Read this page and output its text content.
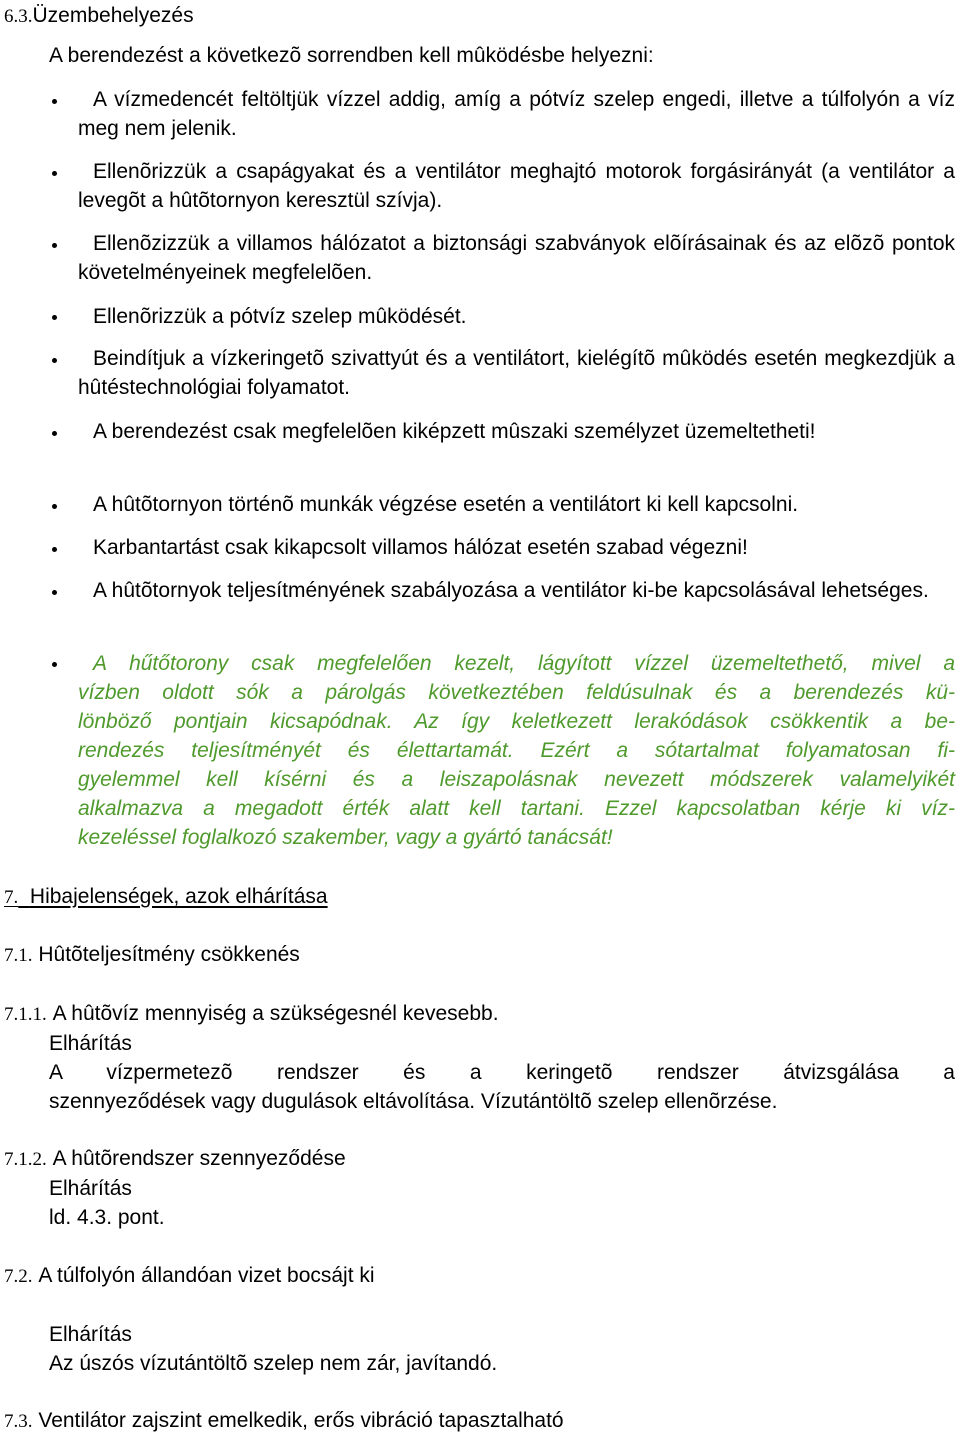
6.3.Üzembehelyezés
A berendezést a következõ sorrendben kell mûködésbe helyezni:
A vízmedencét feltöltjük vízzel addig, amíg a pótvíz szelep engedi, illetve a túlfolyón a víz meg nem jelenik.
Ellenõrizzük a csapágyakat és a ventilátor meghajtó motorok forgásirányát (a ventilátor a levegõt a hûtõtornyon keresztül szívja).
Ellenõzizzük a villamos hálózatot a biztonsági szabványok elõírásainak és az elõzõ pontok követelményeinek megfelelõen.
Ellenõrizzük a pótvíz szelep mûködését.
Beindítjuk a vízkeringetõ szivattyút és a ventilátort, kielégítõ mûködés esetén megkezdjük a hûtéstechnológiai folyamatot.
A berendezést csak megfelelõen kiképzett mûszaki személyzet üzemeltetheti!
A hûtõtornyon történõ munkák végzése esetén a ventilátort ki kell kapcsolni.
Karbantartást csak kikapcsolt villamos hálózat esetén szabad végezni!
A hûtõtornyok teljesítményének szabályozása a ventilátor ki-be kapcsolásával lehetséges.
A hűtőtorony csak megfelelően kezelt, lágyított vízzel üzemeltethető, mivel a
vízben oldott sók a párolgás következtében feldúsulnak és a berendezés kü-
lönböző pontjain kicsapódnak. Az így keletkezett lerakódások csökkentik a be-
rendezés teljesítményét és élettartamát. Ezért a sótartalmat folyamatosan fi-
gyelemmel kell kísérni és a leiszapolásnak nevezett módszerek valamelyikét
alkalmazva a megadott érték alatt kell tartani. Ezzel kapcsolatban kérje ki víz-
kezeléssel foglalkozó szakember, vagy a gyártó tanácsát!
7. Hibajelenségek, azok elhárítása
7.1. Hûtõteljesítmény csökkenés
7.1.1. A hûtõvíz mennyiség a szükségesnél kevesebb.
Elhárítás
A vízpermetezõ rendszer és a keringetõ rendszer átvizsgálása a
szennyeződések vagy dugulások eltávolítása. Vízutántöltõ szelep ellenõrzése.
7.1.2. A hûtõrendszer szennyeződése
Elhárítás
ld. 4.3. pont.
7.2. A túlfolyón állandóan vizet bocsájt ki
Elhárítás
Az úszós vízutántöltõ szelep nem zár, javítandó.
7.3. Ventilátor zajszint emelkedik, erős vibráció tapasztalható
